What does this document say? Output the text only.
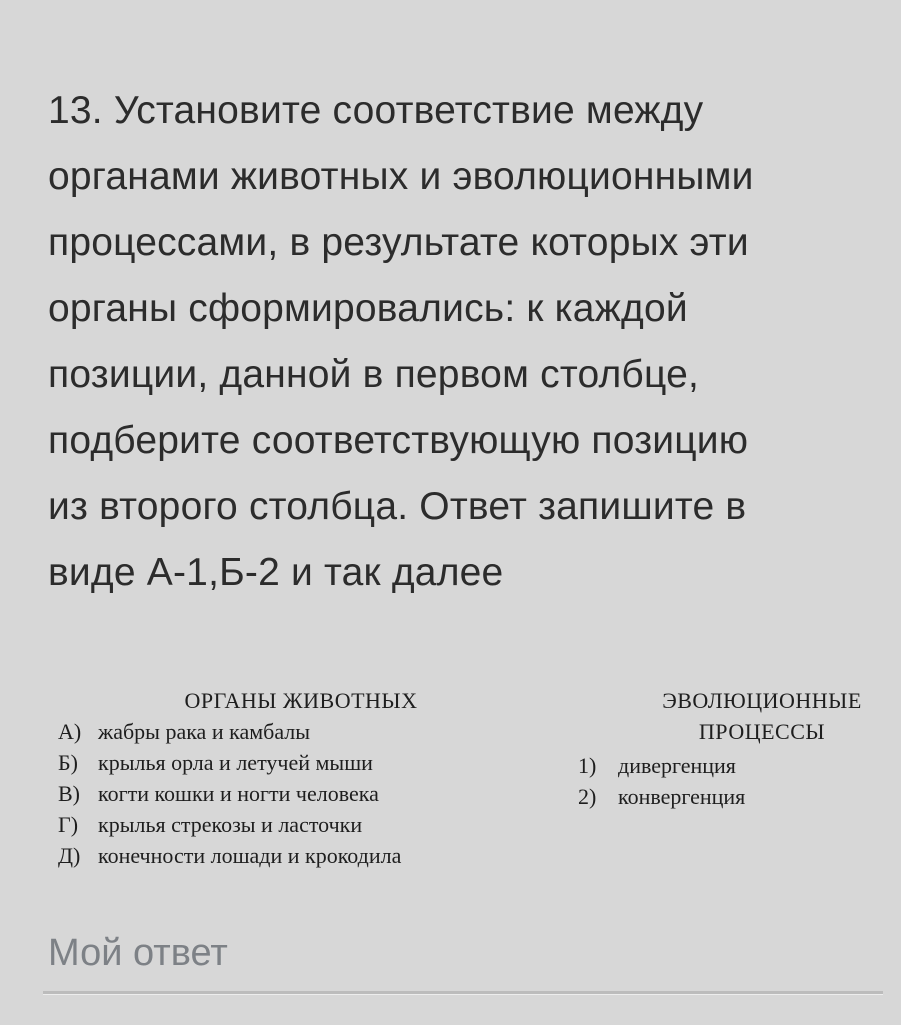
13. Установите соответствие между
органами животных и эволюционными
процессами, в результате которых эти
органы сформировались: к каждой
позиции, данной в первом столбце,
подберите соответствующую позицию
из второго столбца. Ответ запишите в
виде А-1,Б-2 и так далее
ОРГАНЫ ЖИВОТНЫХ
А) жабры рака и камбалы
Б) крылья орла и летучей мыши
В) когти кошки и ногти человека
Г) крылья стрекозы и ласточки
Д) конечности лошади и крокодила
ЭВОЛЮЦИОННЫЕ
ПРОЦЕССЫ
1) дивергенция
2) конвергенция
Мой ответ
